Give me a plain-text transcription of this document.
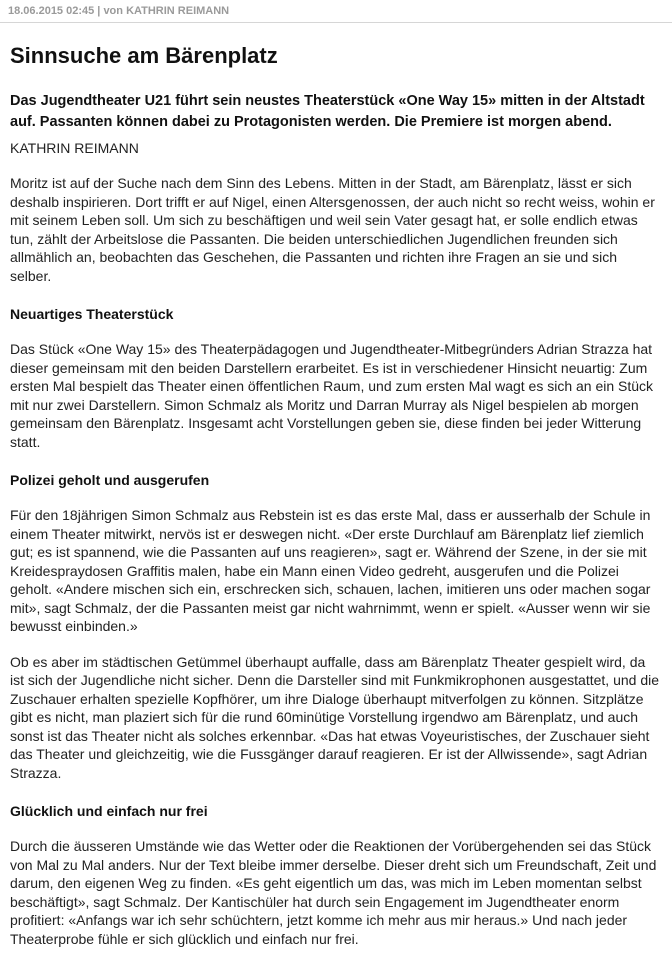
18.06.2015 02:45 | von KATHRIN REIMANN
Sinnsuche am Bärenplatz

Das Jugendtheater U21 führt sein neustes Theaterstück «One Way 15» mitten in der Altstadt auf. Passanten können dabei zu Protagonisten werden. Die Premiere ist morgen abend.

KATHRIN REIMANN

Moritz ist auf der Suche nach dem Sinn des Lebens. Mitten in der Stadt, am Bärenplatz, lässt er sich deshalb inspirieren. Dort trifft er auf Nigel, einen Altersgenossen, der auch nicht so recht weiss, wohin er mit seinem Leben soll. Um sich zu beschäftigen und weil sein Vater gesagt hat, er solle endlich etwas tun, zählt der Arbeitslose die Passanten. Die beiden unterschiedlichen Jugendlichen freunden sich allmählich an, beobachten das Geschehen, die Passanten und richten ihre Fragen an sie und sich selber.

Neuartiges Theaterstück

Das Stück «One Way 15» des Theaterpädagogen und Jugendtheater-Mitbegründers Adrian Strazza hat dieser gemeinsam mit den beiden Darstellern erarbeitet. Es ist in verschiedener Hinsicht neuartig: Zum ersten Mal bespielt das Theater einen öffentlichen Raum, und zum ersten Mal wagt es sich an ein Stück mit nur zwei Darstellern. Simon Schmalz als Moritz und Darran Murray als Nigel bespielen ab morgen gemeinsam den Bärenplatz. Insgesamt acht Vorstellungen geben sie, diese finden bei jeder Witterung statt.

Polizei geholt und ausgerufen

Für den 18jährigen Simon Schmalz aus Rebstein ist es das erste Mal, dass er ausserhalb der Schule in einem Theater mitwirkt, nervös ist er deswegen nicht. «Der erste Durchlauf am Bärenplatz lief ziemlich gut; es ist spannend, wie die Passanten auf uns reagieren», sagt er. Während der Szene, in der sie mit Kreidespraydosen Graffitis malen, habe ein Mann einen Video gedreht, ausgerufen und die Polizei geholt. «Andere mischen sich ein, erschrecken sich, schauen, lachen, imitieren uns oder machen sogar mit», sagt Schmalz, der die Passanten meist gar nicht wahrnimmt, wenn er spielt. «Ausser wenn wir sie bewusst einbinden.»

Ob es aber im städtischen Getümmel überhaupt auffalle, dass am Bärenplatz Theater gespielt wird, da ist sich der Jugendliche nicht sicher. Denn die Darsteller sind mit Funkmikrophonen ausgestattet, und die Zuschauer erhalten spezielle Kopfhörer, um ihre Dialoge überhaupt mitverfolgen zu können. Sitzplätze gibt es nicht, man plaziert sich für die rund 60minütige Vorstellung irgendwo am Bärenplatz, und auch sonst ist das Theater nicht als solches erkennbar. «Das hat etwas Voyeuristisches, der Zuschauer sieht das Theater und gleichzeitig, wie die Fussgänger darauf reagieren. Er ist der Allwissende», sagt Adrian Strazza.

Glücklich und einfach nur frei

Durch die äusseren Umstände wie das Wetter oder die Reaktionen der Vorübergehenden sei das Stück von Mal zu Mal anders. Nur der Text bleibe immer derselbe. Dieser dreht sich um Freundschaft, Zeit und darum, den eigenen Weg zu finden. «Es geht eigentlich um das, was mich im Leben momentan selbst beschäftigt», sagt Schmalz. Der Kantischüler hat durch sein Engagement im Jugendtheater enorm profitiert: «Anfangs war ich sehr schüchtern, jetzt komme ich mehr aus mir heraus.» Und nach jeder Theaterprobe fühle er sich glücklich und einfach nur frei.
